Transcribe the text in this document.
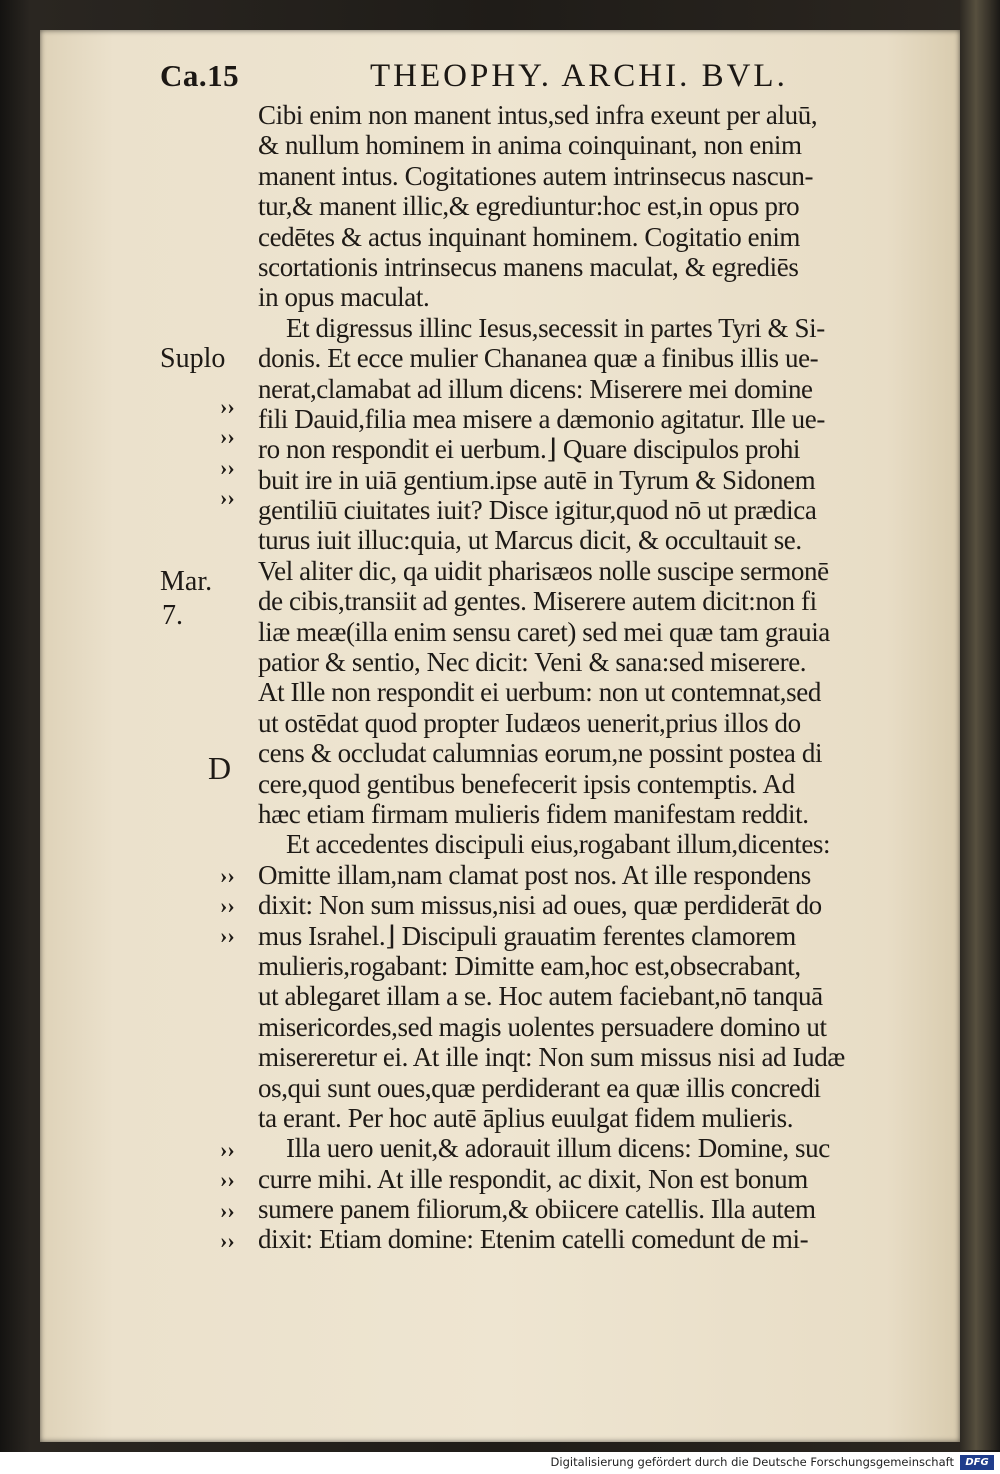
Ca.15	THEOPHY. ARCHI. BVL.
Suplo
Mar.
7.
D
››
››
››
››
››
››
››
››
››
››
››
Cibi enim non manent intus,sed infra exeunt per aluū,
& nullum hominem in anima coinquinant, non enim
manent intus. Cogitationes autem intrinsecus nascun-
tur,& manent illic,& egrediuntur:hoc est,in opus pro
cedētes & actus inquinant hominem. Cogitatio enim
scortationis intrinsecus manens maculat, & egrediēs
in opus maculat.
Et digressus illinc Iesus,secessit in partes Tyri & Si-
donis. Et ecce mulier Chananea quæ a finibus illis ue-
nerat,clamabat ad illum dicens: Miserere mei domine
fili Dauid,filia mea misere a dæmonio agitatur. Ille ue-
ro non respondit ei uerbum.⌋ Quare discipulos prohi
buit ire in uiā gentium.ipse autē in Tyrum & Sidonem
gentiliū ciuitates iuit? Disce igitur,quod nō ut prædica
turus iuit illuc:quia, ut Marcus dicit, & occultauit se.
Vel aliter dic, qa uidit pharisæos nolle suscipe sermonē
de cibis,transiit ad gentes. Miserere autem dicit:non fi
liæ meæ(illa enim sensu caret) sed mei quæ tam grauia
patior & sentio, Nec dicit: Veni & sana:sed miserere.
At Ille non respondit ei uerbum: non ut contemnat,sed
ut ostēdat quod propter Iudæos uenerit,prius illos do
cens & occludat calumnias eorum,ne possint postea di
cere,quod gentibus benefecerit ipsis contemptis. Ad
hæc etiam firmam mulieris fidem manifestam reddit.
Et accedentes discipuli eius,rogabant illum,dicentes:
Omitte illam,nam clamat post nos. At ille respondens
dixit: Non sum missus,nisi ad oues, quæ perdiderāt do
mus Israhel.⌋ Discipuli grauatim ferentes clamorem
mulieris,rogabant: Dimitte eam,hoc est,obsecrabant,
ut ablegaret illam a se. Hoc autem faciebant,nō tanquā
misericordes,sed magis uolentes persuadere domino ut
misereretur ei. At ille inqt: Non sum missus nisi ad Iudæ
os,qui sunt oues,quæ perdiderant ea quæ illis concredi
ta erant. Per hoc autē āplius euulgat fidem mulieris.
Illa uero uenit,& adorauit illum dicens: Domine, suc
curre mihi. At ille respondit, ac dixit, Non est bonum
sumere panem filiorum,& obiicere catellis. Illa autem
dixit: Etiam domine: Etenim catelli comedunt de mi-
Digitalisierung gefördert durch die Deutsche Forschungsgemeinschaft	DFG
